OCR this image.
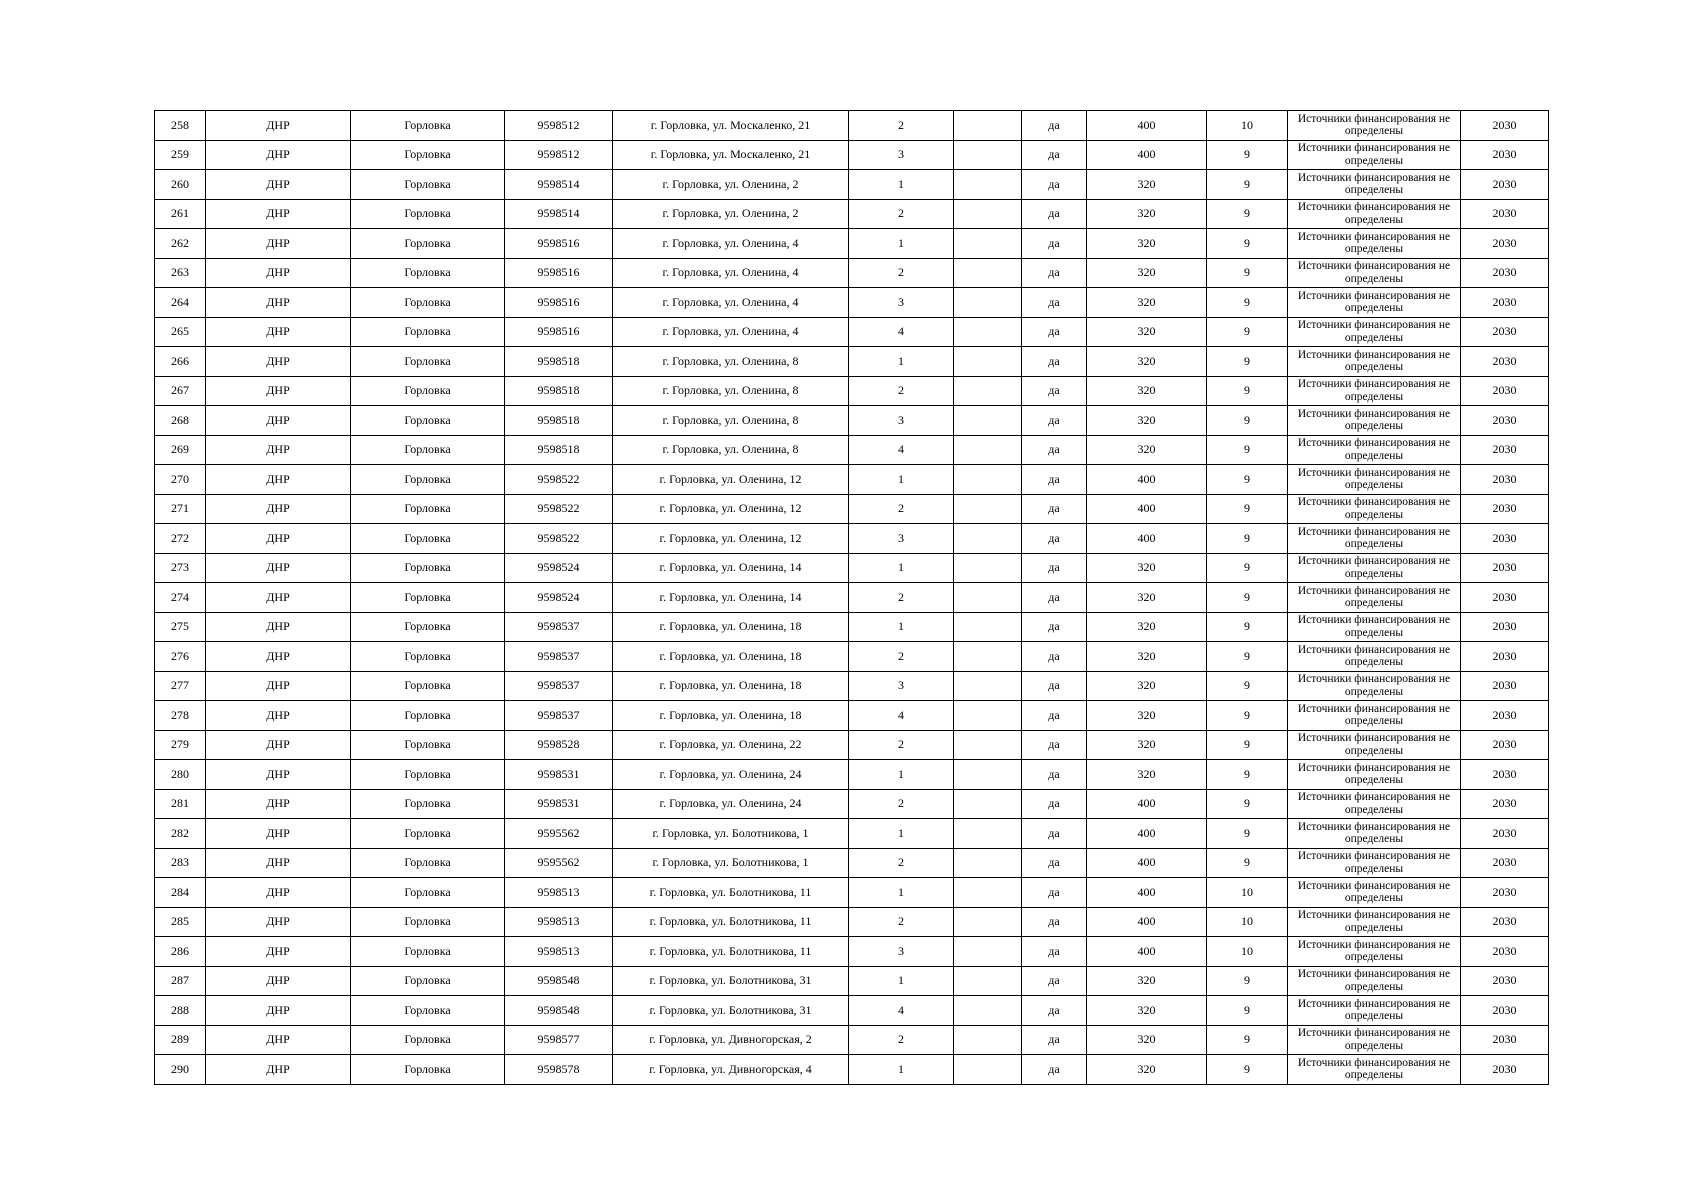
258	ДНР	Горловка	9598512	г. Горловка, ул. Москаленко, 21	2		да	400	10	Источники финансирования не определены	2030
259	ДНР	Горловка	9598512	г. Горловка, ул. Москаленко, 21	3		да	400	9	Источники финансирования не определены	2030
260	ДНР	Горловка	9598514	г. Горловка, ул. Оленина, 2	1		да	320	9	Источники финансирования не определены	2030
261	ДНР	Горловка	9598514	г. Горловка, ул. Оленина, 2	2		да	320	9	Источники финансирования не определены	2030
262	ДНР	Горловка	9598516	г. Горловка, ул. Оленина, 4	1		да	320	9	Источники финансирования не определены	2030
263	ДНР	Горловка	9598516	г. Горловка, ул. Оленина, 4	2		да	320	9	Источники финансирования не определены	2030
264	ДНР	Горловка	9598516	г. Горловка, ул. Оленина, 4	3		да	320	9	Источники финансирования не определены	2030
265	ДНР	Горловка	9598516	г. Горловка, ул. Оленина, 4	4		да	320	9	Источники финансирования не определены	2030
266	ДНР	Горловка	9598518	г. Горловка, ул. Оленина, 8	1		да	320	9	Источники финансирования не определены	2030
267	ДНР	Горловка	9598518	г. Горловка, ул. Оленина, 8	2		да	320	9	Источники финансирования не определены	2030
268	ДНР	Горловка	9598518	г. Горловка, ул. Оленина, 8	3		да	320	9	Источники финансирования не определены	2030
269	ДНР	Горловка	9598518	г. Горловка, ул. Оленина, 8	4		да	320	9	Источники финансирования не определены	2030
270	ДНР	Горловка	9598522	г. Горловка, ул. Оленина, 12	1		да	400	9	Источники финансирования не определены	2030
271	ДНР	Горловка	9598522	г. Горловка, ул. Оленина, 12	2		да	400	9	Источники финансирования не определены	2030
272	ДНР	Горловка	9598522	г. Горловка, ул. Оленина, 12	3		да	400	9	Источники финансирования не определены	2030
273	ДНР	Горловка	9598524	г. Горловка, ул. Оленина, 14	1		да	320	9	Источники финансирования не определены	2030
274	ДНР	Горловка	9598524	г. Горловка, ул. Оленина, 14	2		да	320	9	Источники финансирования не определены	2030
275	ДНР	Горловка	9598537	г. Горловка, ул. Оленина, 18	1		да	320	9	Источники финансирования не определены	2030
276	ДНР	Горловка	9598537	г. Горловка, ул. Оленина, 18	2		да	320	9	Источники финансирования не определены	2030
277	ДНР	Горловка	9598537	г. Горловка, ул. Оленина, 18	3		да	320	9	Источники финансирования не определены	2030
278	ДНР	Горловка	9598537	г. Горловка, ул. Оленина, 18	4		да	320	9	Источники финансирования не определены	2030
279	ДНР	Горловка	9598528	г. Горловка, ул. Оленина, 22	2		да	320	9	Источники финансирования не определены	2030
280	ДНР	Горловка	9598531	г. Горловка, ул. Оленина, 24	1		да	320	9	Источники финансирования не определены	2030
281	ДНР	Горловка	9598531	г. Горловка, ул. Оленина, 24	2		да	400	9	Источники финансирования не определены	2030
282	ДНР	Горловка	9595562	г. Горловка, ул. Болотникова, 1	1		да	400	9	Источники финансирования не определены	2030
283	ДНР	Горловка	9595562	г. Горловка, ул. Болотникова, 1	2		да	400	9	Источники финансирования не определены	2030
284	ДНР	Горловка	9598513	г. Горловка, ул. Болотникова, 11	1		да	400	10	Источники финансирования не определены	2030
285	ДНР	Горловка	9598513	г. Горловка, ул. Болотникова, 11	2		да	400	10	Источники финансирования не определены	2030
286	ДНР	Горловка	9598513	г. Горловка, ул. Болотникова, 11	3		да	400	10	Источники финансирования не определены	2030
287	ДНР	Горловка	9598548	г. Горловка, ул. Болотникова, 31	1		да	320	9	Источники финансирования не определены	2030
288	ДНР	Горловка	9598548	г. Горловка, ул. Болотникова, 31	4		да	320	9	Источники финансирования не определены	2030
289	ДНР	Горловка	9598577	г. Горловка, ул. Дивногорская, 2	2		да	320	9	Источники финансирования не определены	2030
290	ДНР	Горловка	9598578	г. Горловка, ул. Дивногорская, 4	1		да	320	9	Источники финансирования не определены	2030
